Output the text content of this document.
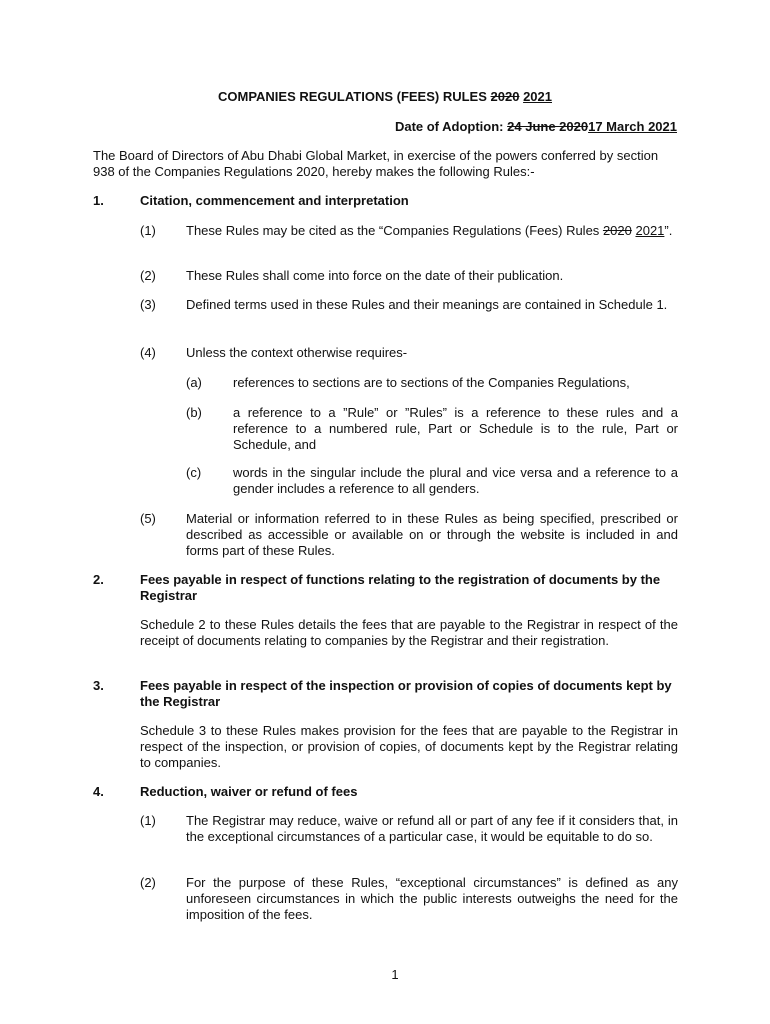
COMPANIES REGULATIONS (FEES) RULES 2020 2021
Date of Adoption: 24 June 202017 March 2021
The Board of Directors of Abu Dhabi Global Market, in exercise of the powers conferred by section 938 of the Companies Regulations 2020, hereby makes the following Rules:-
1.	Citation, commencement and interpretation
(1) These Rules may be cited as the “Companies Regulations (Fees) Rules 2020 2021”.
(2) These Rules shall come into force on the date of their publication.
(3) Defined terms used in these Rules and their meanings are contained in Schedule 1.
(4) Unless the context otherwise requires-
(a) references to sections are to sections of the Companies Regulations,
(b) a reference to a ”Rule” or ”Rules” is a reference to these rules and a reference to a numbered rule, Part or Schedule is to the rule, Part or Schedule, and
(c) words in the singular include the plural and vice versa and a reference to a gender includes a reference to all genders.
(5) Material or information referred to in these Rules as being specified, prescribed or described as accessible or available on or through the website is included in and forms part of these Rules.
2.	Fees payable in respect of functions relating to the registration of documents by the Registrar
Schedule 2 to these Rules details the fees that are payable to the Registrar in respect of the receipt of documents relating to companies by the Registrar and their registration.
3.	Fees payable in respect of the inspection or provision of copies of documents kept by the Registrar
Schedule 3 to these Rules makes provision for the fees that are payable to the Registrar in respect of the inspection, or provision of copies, of documents kept by the Registrar relating to companies.
4.	Reduction, waiver or refund of fees
(1) The Registrar may reduce, waive or refund all or part of any fee if it considers that, in the exceptional circumstances of a particular case, it would be equitable to do so.
(2) For the purpose of these Rules, “exceptional circumstances” is defined as any unforeseen circumstances in which the public interests outweighs the need for the imposition of the fees.
1
